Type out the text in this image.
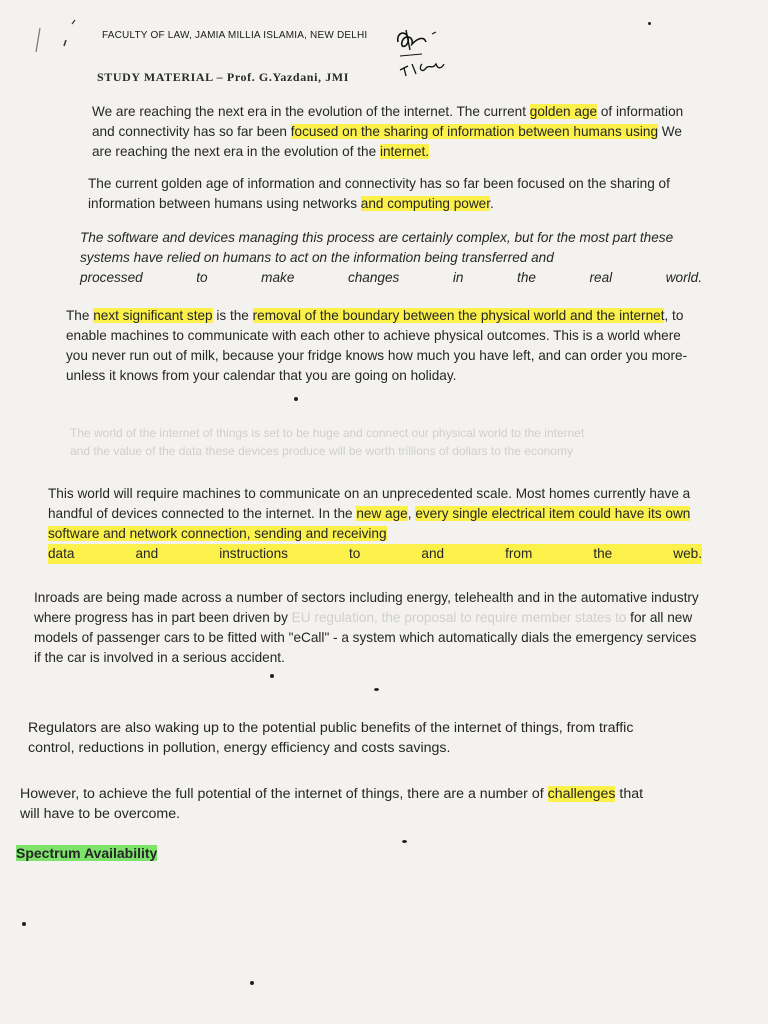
FACULTY OF LAW, JAMIA MILLIA ISLAMIA, NEW DELHI
STUDY MATERIAL – Prof. G.Yazdani, JMI
We are reaching the next era in the evolution of the internet. The current golden age of information and connectivity has so far been focused on the sharing of information between humans using We are reaching the next era in the evolution of the internet.
The current golden age of information and connectivity has so far been focused on the sharing of information between humans using networks and computing power.
The software and devices managing this process are certainly complex, but for the most part these systems have relied on humans to act on the information being transferred and
processed	to	make	changes	in	the	real	world.
The next significant step is the removal of the boundary between the physical world and the internet, to enable machines to communicate with each other to achieve physical outcomes. This is a world where you never run out of milk, because your fridge knows how much you have left, and can order you more- unless it knows from your calendar that you are going on holiday.
The world of the internet of things is set to be huge and connect our physical world to the internet
and the value of the data these devices produce will be worth trillions of dollars to the economy
This world will require machines to communicate on an unprecedented scale. Most homes currently have a handful of devices connected to the internet. In the new age, every single electrical item could have its own software and network connection, sending and receiving
data	and	instructions	to	and	from	the	web.
Inroads are being made across a number of sectors including energy, telehealth and in the automative industry where progress has in part been driven by EU regulation, the proposal to require member states to for all new models of passenger cars to be fitted with "eCall" - a system which automatically dials the emergency services if the car is involved in a serious accident.
Regulators are also waking up to the potential public benefits of the internet of things, from traffic control, reductions in pollution, energy efficiency and costs savings.
However, to achieve the full potential of the internet of things, there are a number of challenges that will have to be overcome.
Spectrum Availability
